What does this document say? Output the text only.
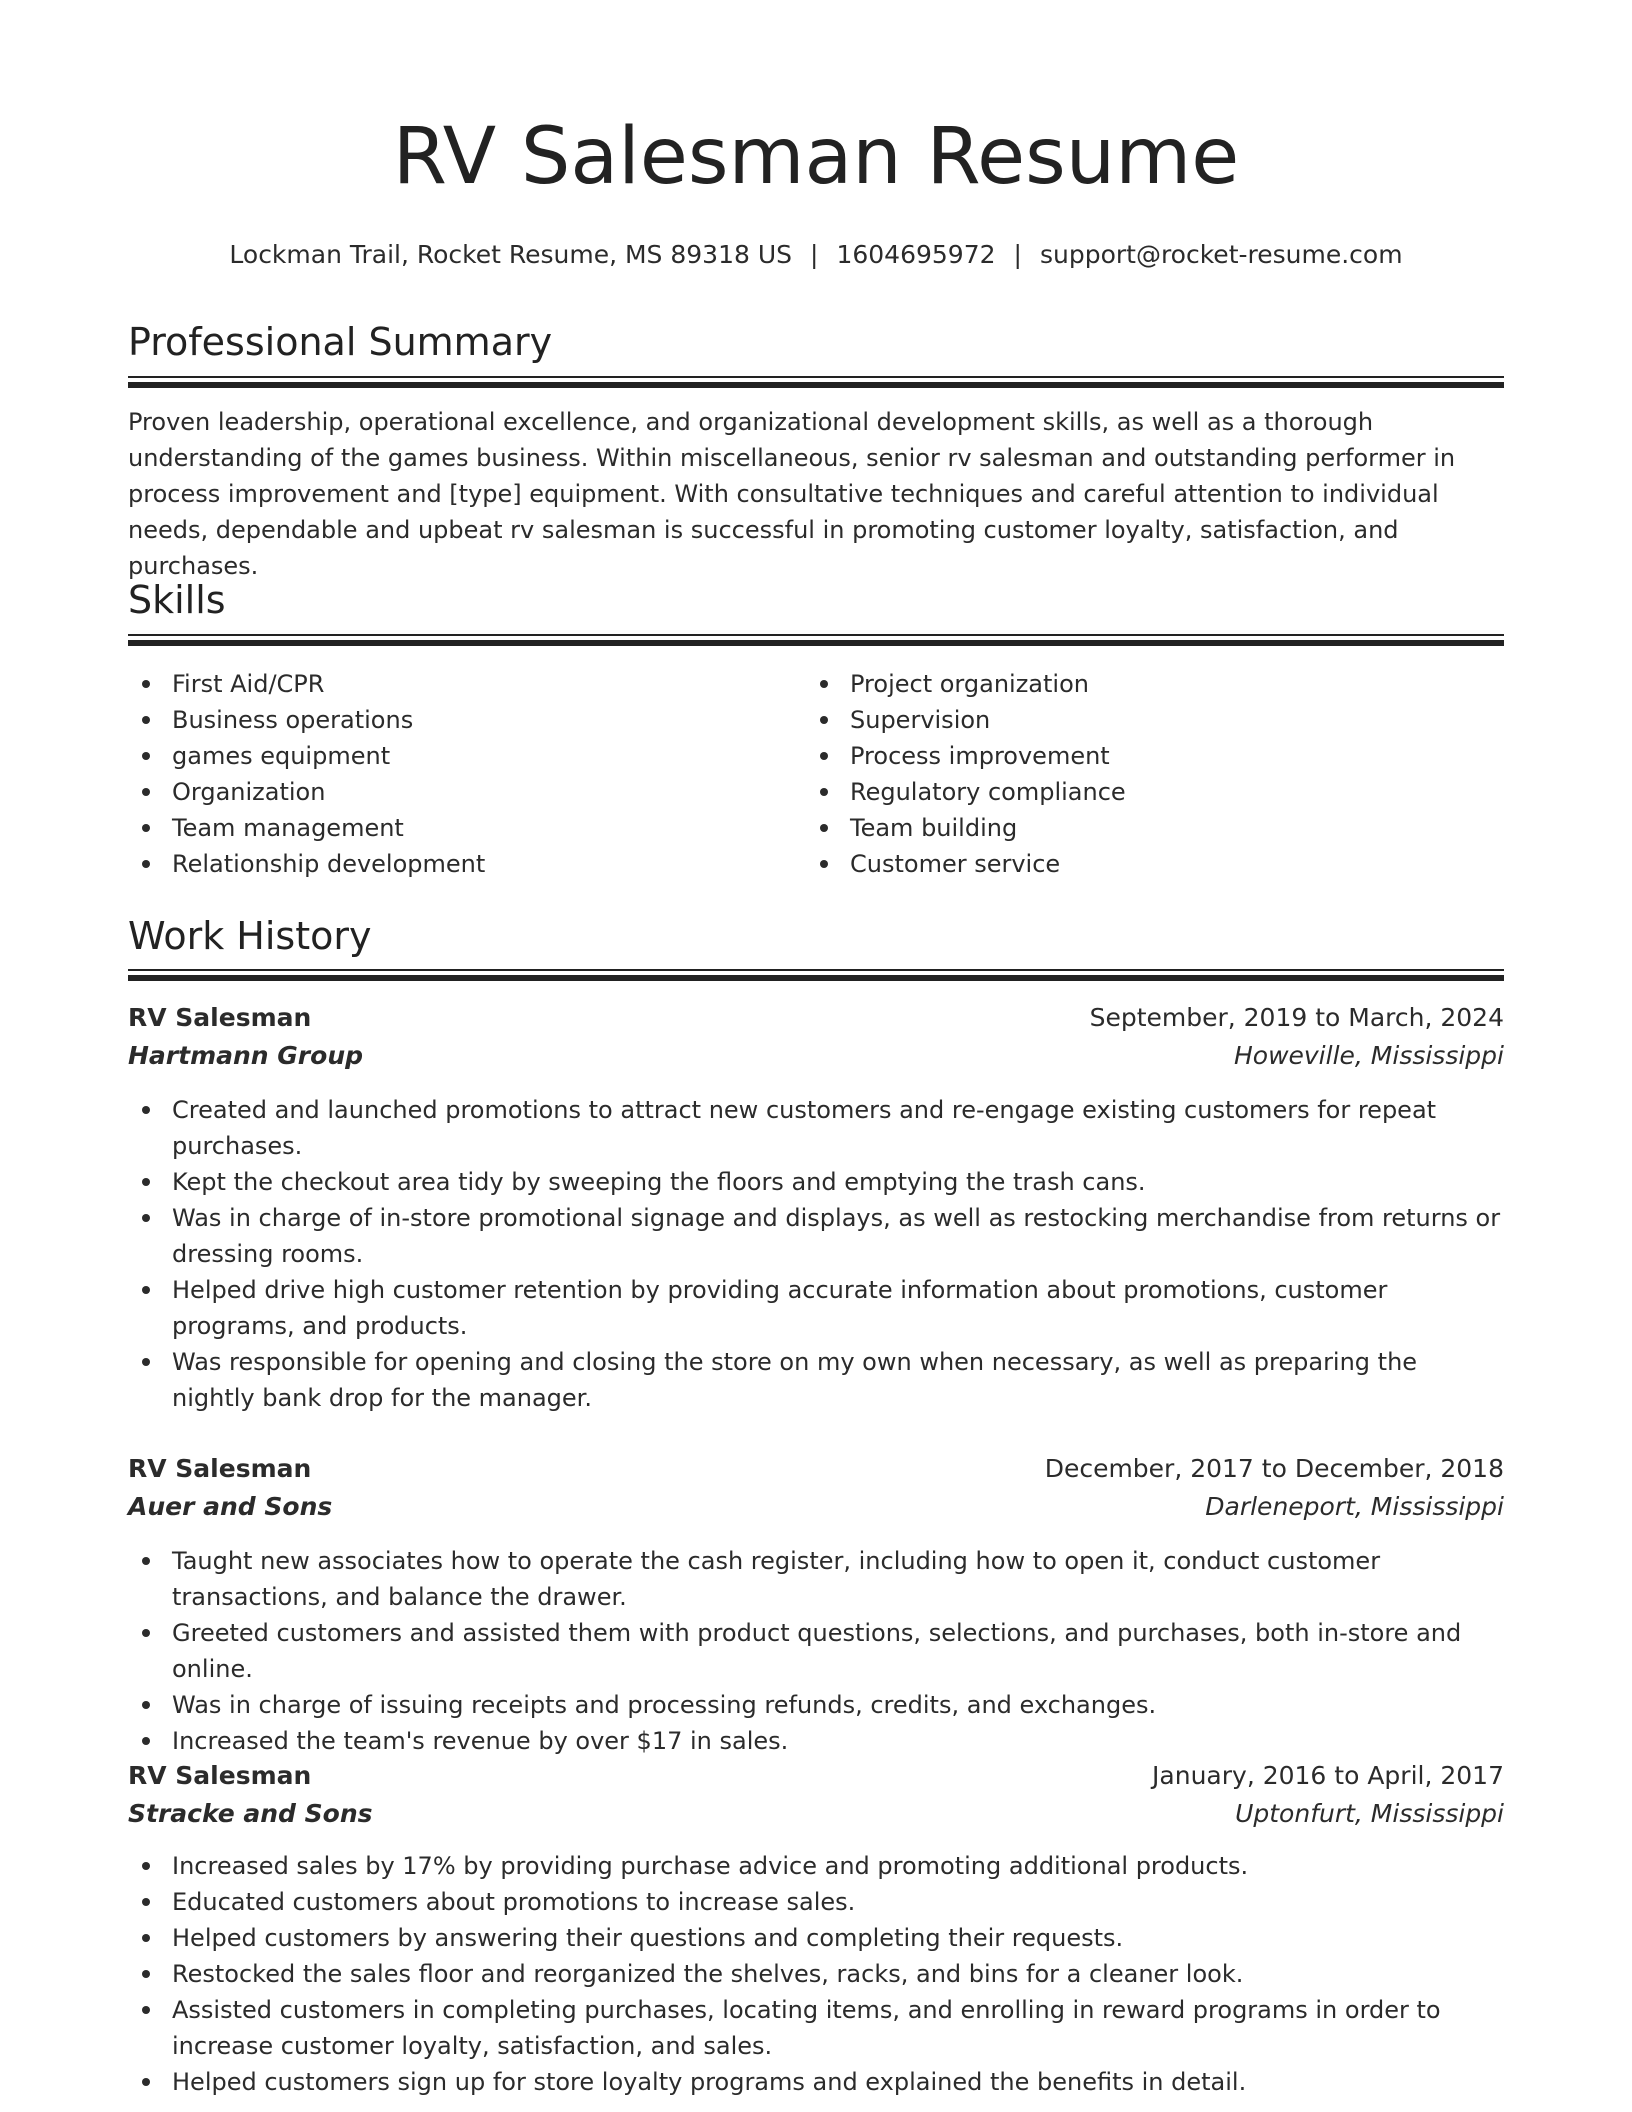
RV Salesman Resume
Lockman Trail, Rocket Resume, MS 89318 US | 1604695972 | support@rocket-resume.com
Professional Summary

Proven leadership, operational excellence, and organizational development skills, as well as a thorough understanding of the games business. Within miscellaneous, senior rv salesman and outstanding performer in process improvement and [type] equipment. With consultative techniques and careful attention to individual needs, dependable and upbeat rv salesman is successful in promoting customer loyalty, satisfaction, and purchases.

Skills
First Aid/CPR
Business operations
games equipment
Organization
Team management
Relationship development
Project organization
Supervision
Process improvement
Regulatory compliance
Team building
Customer service
Work History
RV Salesman	September, 2019 to March, 2024
Hartmann Group	Howeville, Mississippi
Created and launched promotions to attract new customers and re-engage existing customers for repeat purchases.
Kept the checkout area tidy by sweeping the floors and emptying the trash cans.
Was in charge of in-store promotional signage and displays, as well as restocking merchandise from returns or dressing rooms.
Helped drive high customer retention by providing accurate information about promotions, customer programs, and products.
Was responsible for opening and closing the store on my own when necessary, as well as preparing the nightly bank drop for the manager.
RV Salesman	December, 2017 to December, 2018
Auer and Sons	Darleneport, Mississippi
Taught new associates how to operate the cash register, including how to open it, conduct customer transactions, and balance the drawer.
Greeted customers and assisted them with product questions, selections, and purchases, both in-store and online.
Was in charge of issuing receipts and processing refunds, credits, and exchanges.
Increased the team's revenue by over $17 in sales.
RV Salesman	January, 2016 to April, 2017
Stracke and Sons	Uptonfurt, Mississippi
Increased sales by 17% by providing purchase advice and promoting additional products.
Educated customers about promotions to increase sales.
Helped customers by answering their questions and completing their requests.
Restocked the sales floor and reorganized the shelves, racks, and bins for a cleaner look.
Assisted customers in completing purchases, locating items, and enrolling in reward programs in order to increase customer loyalty, satisfaction, and sales.
Helped customers sign up for store loyalty programs and explained the benefits in detail.
